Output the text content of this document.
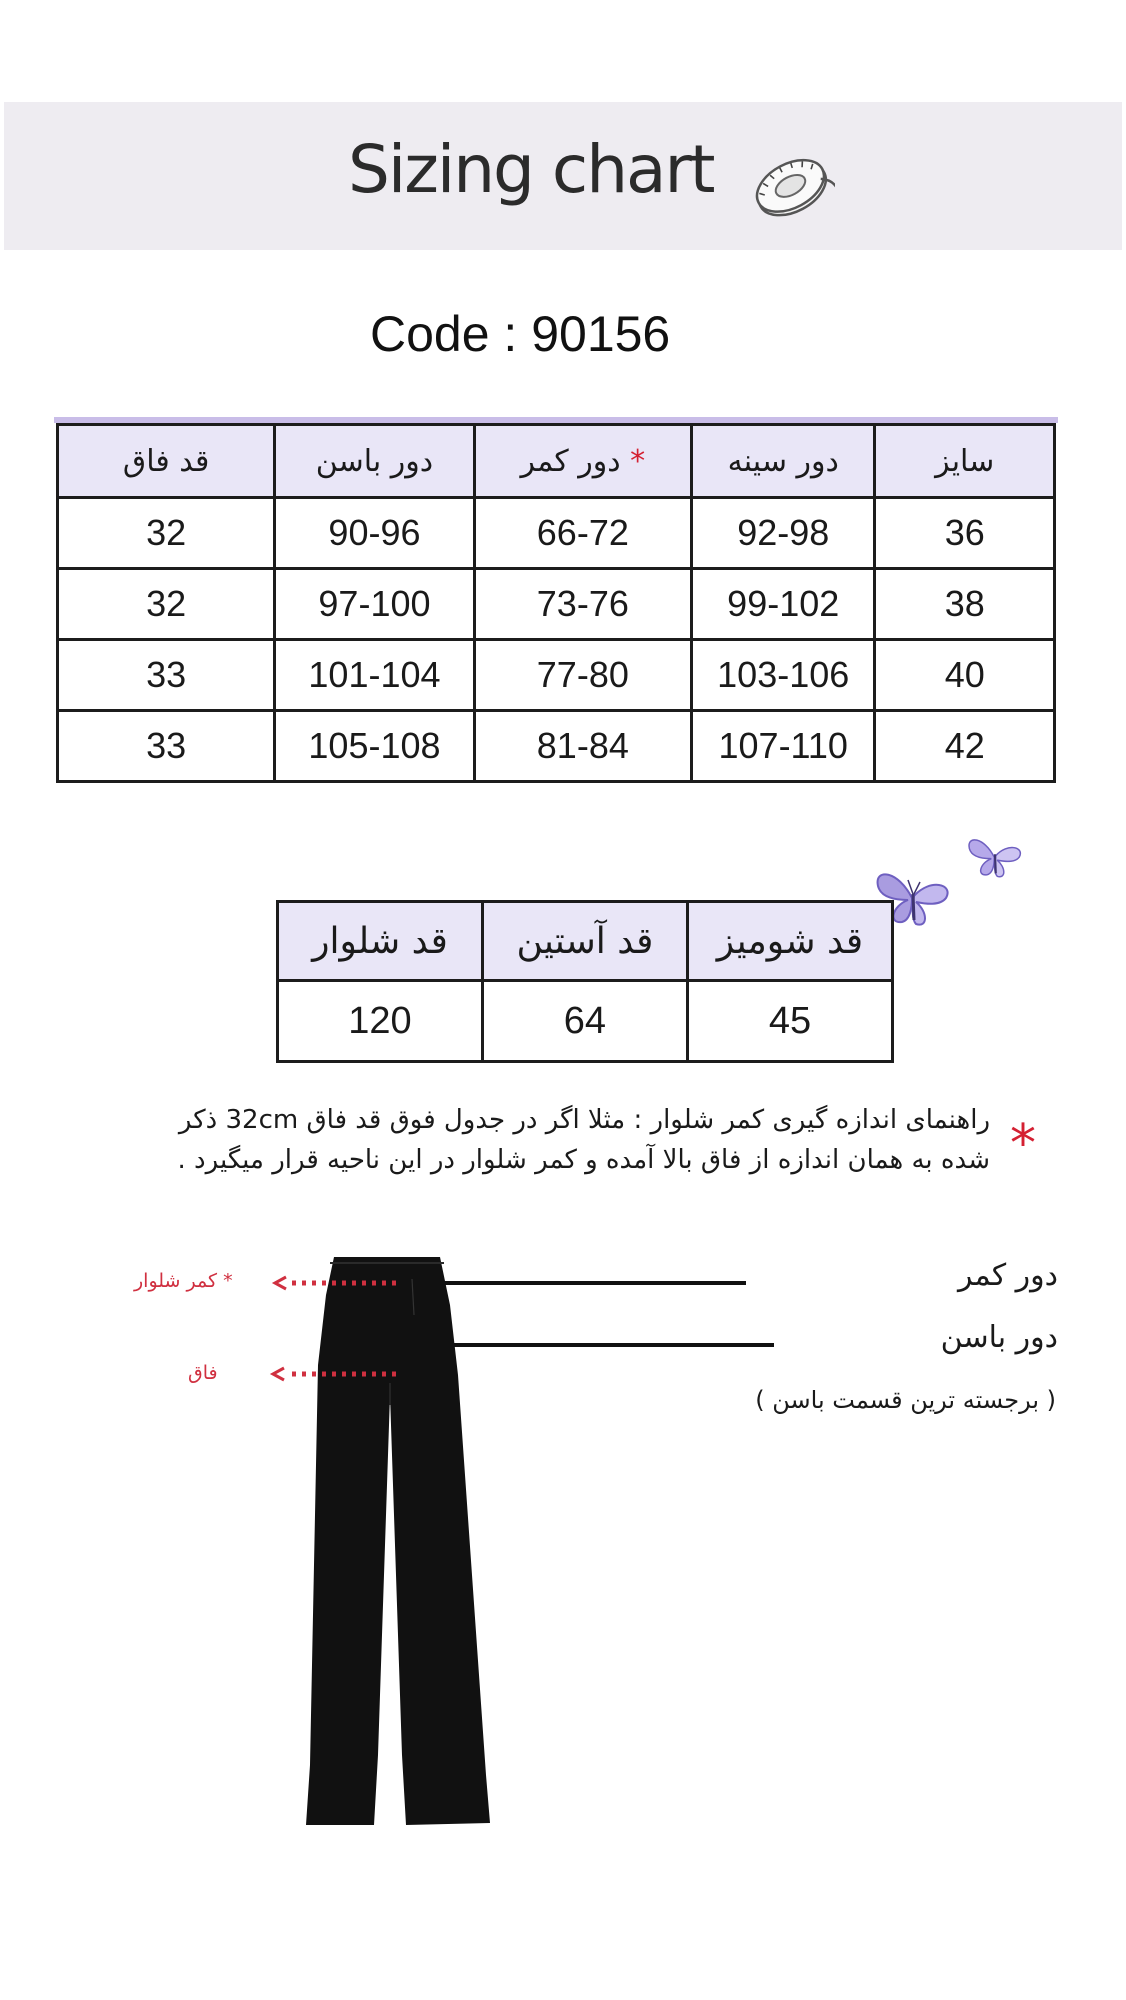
Sizing chart
Code : 90156
قد فاق	دور باسن	* دور کمر	دور سینه	سایز
32	90-96	66-72	92-98	36
32	97-100	73-76	99-102	38
33	101-104	77-80	103-106	40
33	105-108	81-84	107-110	42
قد شلوار	قد آستین	قد شومیز
120	64	45
*
راهنمای اندازه گیری کمر شلوار : مثلا اگر در جدول فوق قد فاق 32cm ذکر
شده به همان اندازه از فاق بالا آمده و کمر شلوار در این ناحیه قرار میگیرد .
دور کمر
دور باسن
( برجسته ترین قسمت باسن )
* کمر شلوار
فاق
